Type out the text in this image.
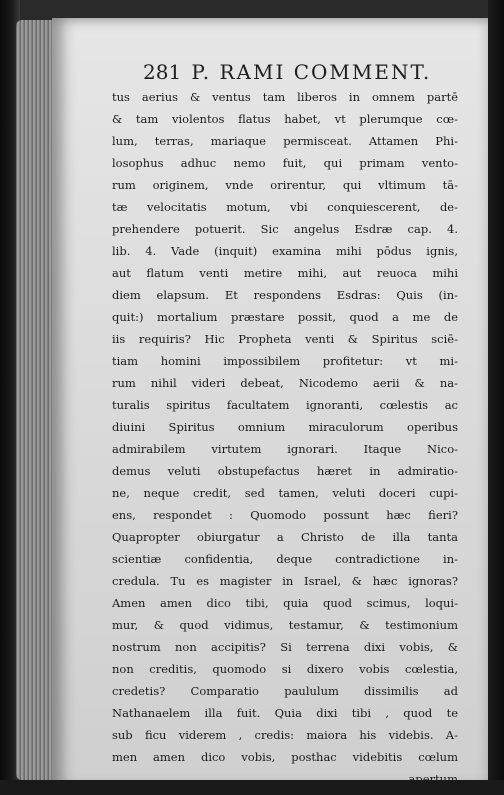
281 P. RAMI COMMENT.
tus aerius & ventus tam liberos in omnem partē
& tam violentos flatus habet, vt plerumque cœ-
lum, terras, mariaque permisceat. Attamen Phi-
losophus adhuc nemo fuit, qui primam vento-
rum originem, vnde orirentur, qui vltimum tā-
tæ velocitatis motum, vbi conquiescerent, de-
prehendere potuerit. Sic angelus Esdræ cap. 4.
lib. 4. Vade (inquit) examina mihi pōdus ignis,
aut flatum venti metire mihi, aut reuoca mihi
diem elapsum. Et respondens Esdras: Quis (in-
quit:) mortalium præstare possit, quod a me de
iis requiris? Hic Propheta venti & Spiritus sciē-
tiam homini impossibilem profitetur: vt mi-
rum nihil videri debeat, Nicodemo aerii & na-
turalis spiritus facultatem ignoranti, cœlestis ac
diuini Spiritus omnium miraculorum operibus
admirabilem virtutem ignorari. Itaque Nico-
demus veluti obstupefactus hæret in admiratio-
ne, neque credit, sed tamen, veluti doceri cupi-
ens, respondet : Quomodo possunt hæc fieri?
Quapropter obiurgatur a Christo de illa tanta
scientiæ confidentia, deque contradictione in-
credula. Tu es magister in Israel, & hæc ignoras?
Amen amen dico tibi, quia quod scimus, loqui-
mur, & quod vidimus, testamur, & testimonium
nostrum non accipitis? Si terrena dixi vobis, &
non creditis, quomodo si dixero vobis cœlestia,
credetis? Comparatio paululum dissimilis ad
Nathanaelem illa fuit. Quia dixi tibi , quod te
sub ficu viderem , credis: maiora his videbis. A-
men amen dico vobis, posthac videbitis cœlum
apertum
